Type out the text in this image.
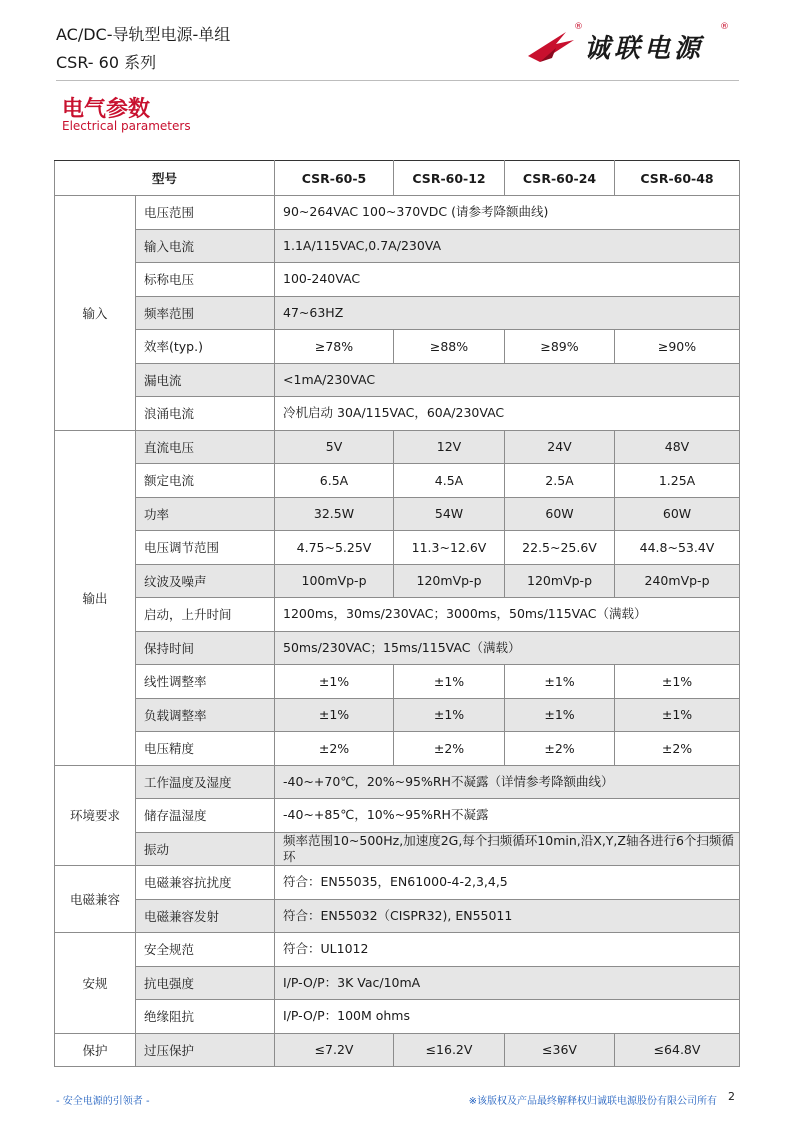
AC/DC-导轨型电源-单组
CSR- 60 系列
®
诚联电源
®
电气参数
Electrical parameters
型号		CSR-60-5	CSR-60-12	CSR-60-24	CSR-60-48
输入	电压范围	90~264VAC 100~370VDC (请参考降额曲线)			
	输入电流	1.1A/115VAC,0.7A/230VA			
	标称电压	100-240VAC			
	频率范围	47~63HZ			
	效率(typ.)	≥78%	≥88%	≥89%	≥90%
	漏电流	<1mA/230VAC			
	浪涌电流	冷机启动 30A/115VAC，60A/230VAC			
输出	直流电压	5V	12V	24V	48V
	额定电流	6.5A	4.5A	2.5A	1.25A
	功率	32.5W	54W	60W	60W
	电压调节范围	4.75~5.25V	11.3~12.6V	22.5~25.6V	44.8~53.4V
	纹波及噪声	100mVp-p	120mVp-p	120mVp-p	240mVp-p
	启动，上升时间	1200ms，30ms/230VAC；3000ms，50ms/115VAC（满载）			
	保持时间	50ms/230VAC；15ms/115VAC（满载）			
	线性调整率	±1%	±1%	±1%	±1%
	负载调整率	±1%	±1%	±1%	±1%
	电压精度	±2%	±2%	±2%	±2%
环境要求	工作温度及湿度	-40~+70℃，20%~95%RH不凝露（详情参考降额曲线）			
	储存温湿度	-40~+85℃，10%~95%RH不凝露			
	振动	频率范围10~500Hz,加速度2G,每个扫频循环10min,沿X,Y,Z轴各进行6个扫频循环			
电磁兼容	电磁兼容抗扰度	符合：EN55035，EN61000-4-2,3,4,5			
	电磁兼容发射	符合：EN55032（CISPR32), EN55011			
安规	安全规范	符合：UL1012			
	抗电强度	I/P-O/P：3K Vac/10mA			
	绝缘阻抗	I/P-O/P：100M ohms			
保护	过压保护	≤7.2V	≤16.2V	≤36V	≤64.8V
- 安全电源的引领者 -	※该版权及产品最终解释权归诚联电源股份有限公司所有 2
